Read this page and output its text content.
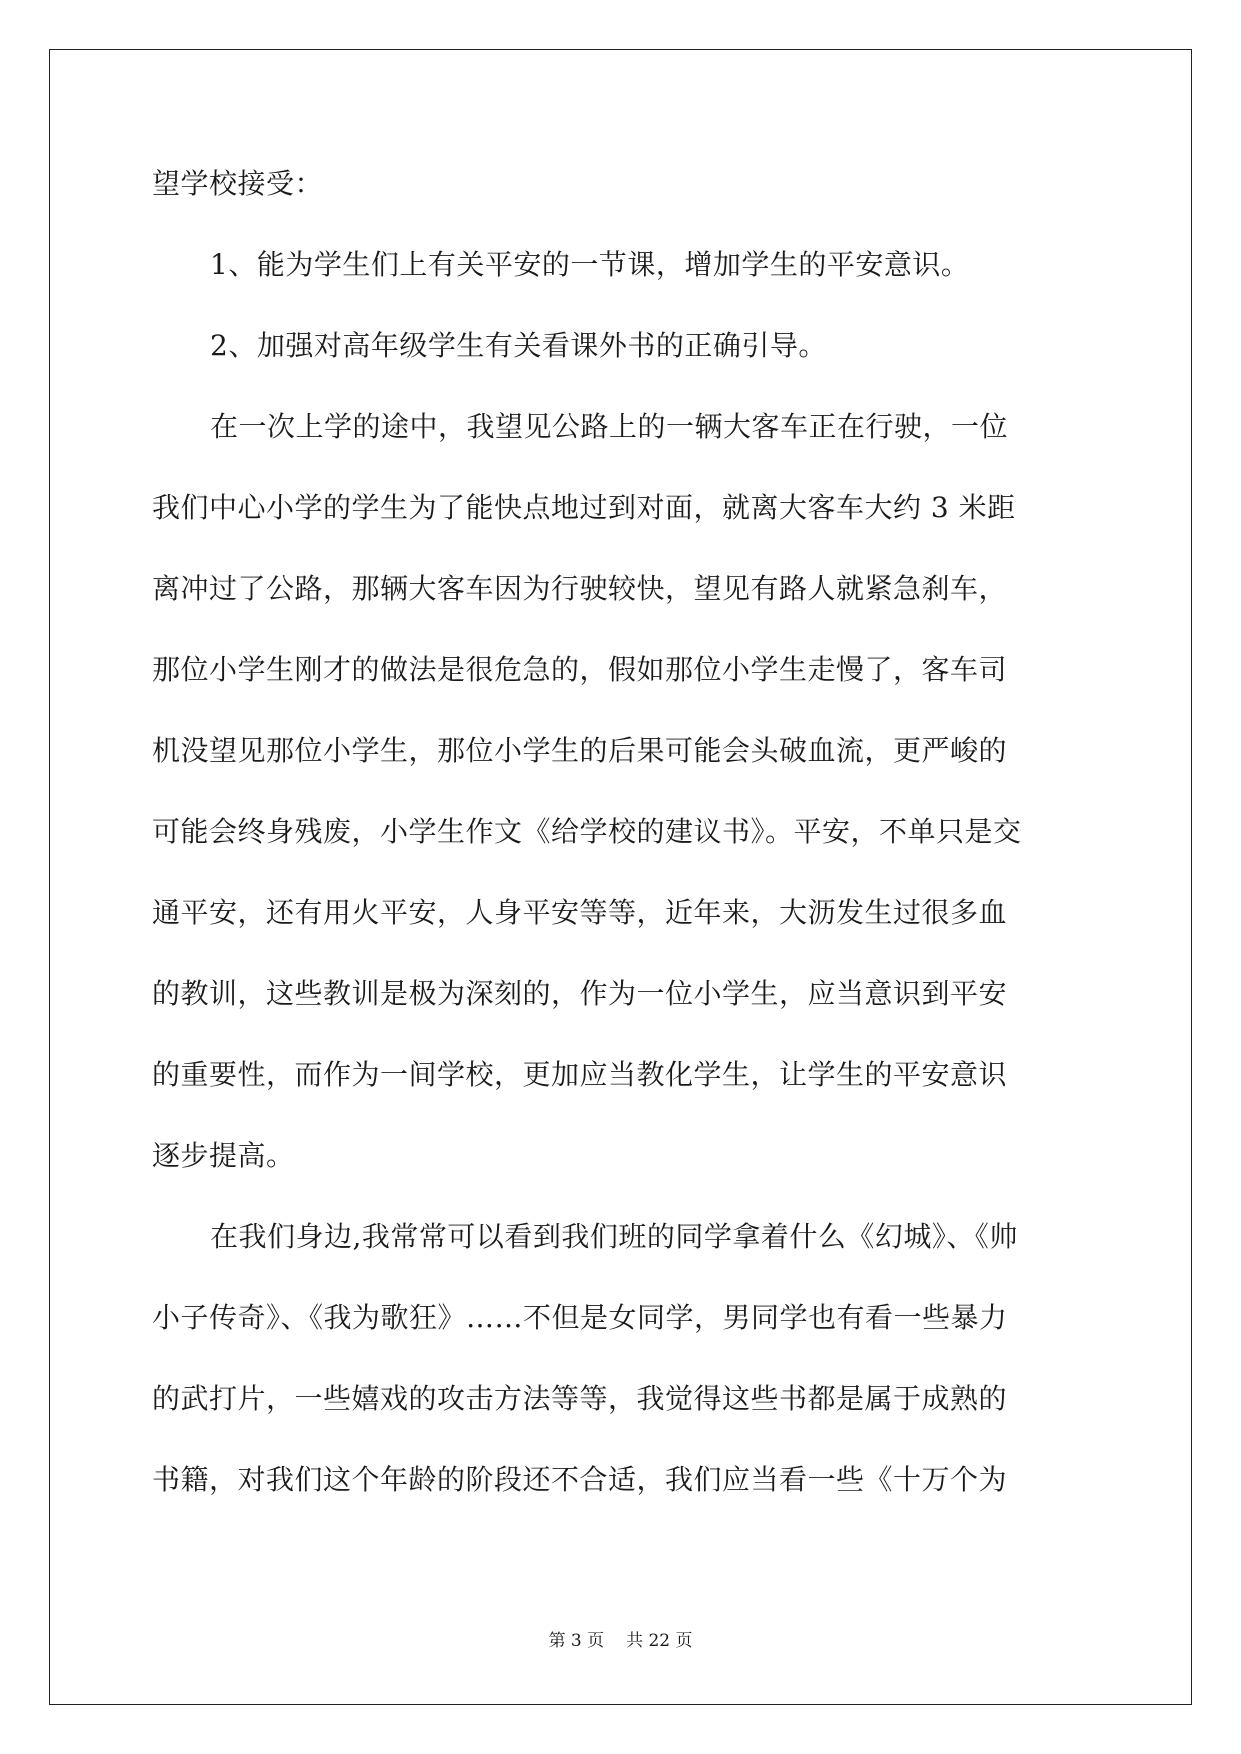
望学校接受：
1、能为学生们上有关平安的一节课，增加学生的平安意识。
2、加强对高年级学生有关看课外书的正确引导。
在一次上学的途中，我望见公路上的一辆大客车正在行驶，一位
我们中心小学的学生为了能快点地过到对面，就离大客车大约 3 米距
离冲过了公路，那辆大客车因为行驶较快，望见有路人就紧急刹车，
那位小学生刚才的做法是很危急的，假如那位小学生走慢了，客车司
机没望见那位小学生，那位小学生的后果可能会头破血流，更严峻的
可能会终身残废，小学生作文《给学校的建议书》。平安，不单只是交
通平安，还有用火平安，人身平安等等，近年来，大沥发生过很多血
的教训，这些教训是极为深刻的，作为一位小学生，应当意识到平安
的重要性，而作为一间学校，更加应当教化学生，让学生的平安意识
逐步提高。
在我们身边,我常常可以看到我们班的同学拿着什么《幻城》、《帅
小子传奇》、《我为歌狂》……不但是女同学，男同学也有看一些暴力
的武打片，一些嬉戏的攻击方法等等，我觉得这些书都是属于成熟的
书籍，对我们这个年龄的阶段还不合适，我们应当看一些《十万个为
第 3 页 共 22 页
